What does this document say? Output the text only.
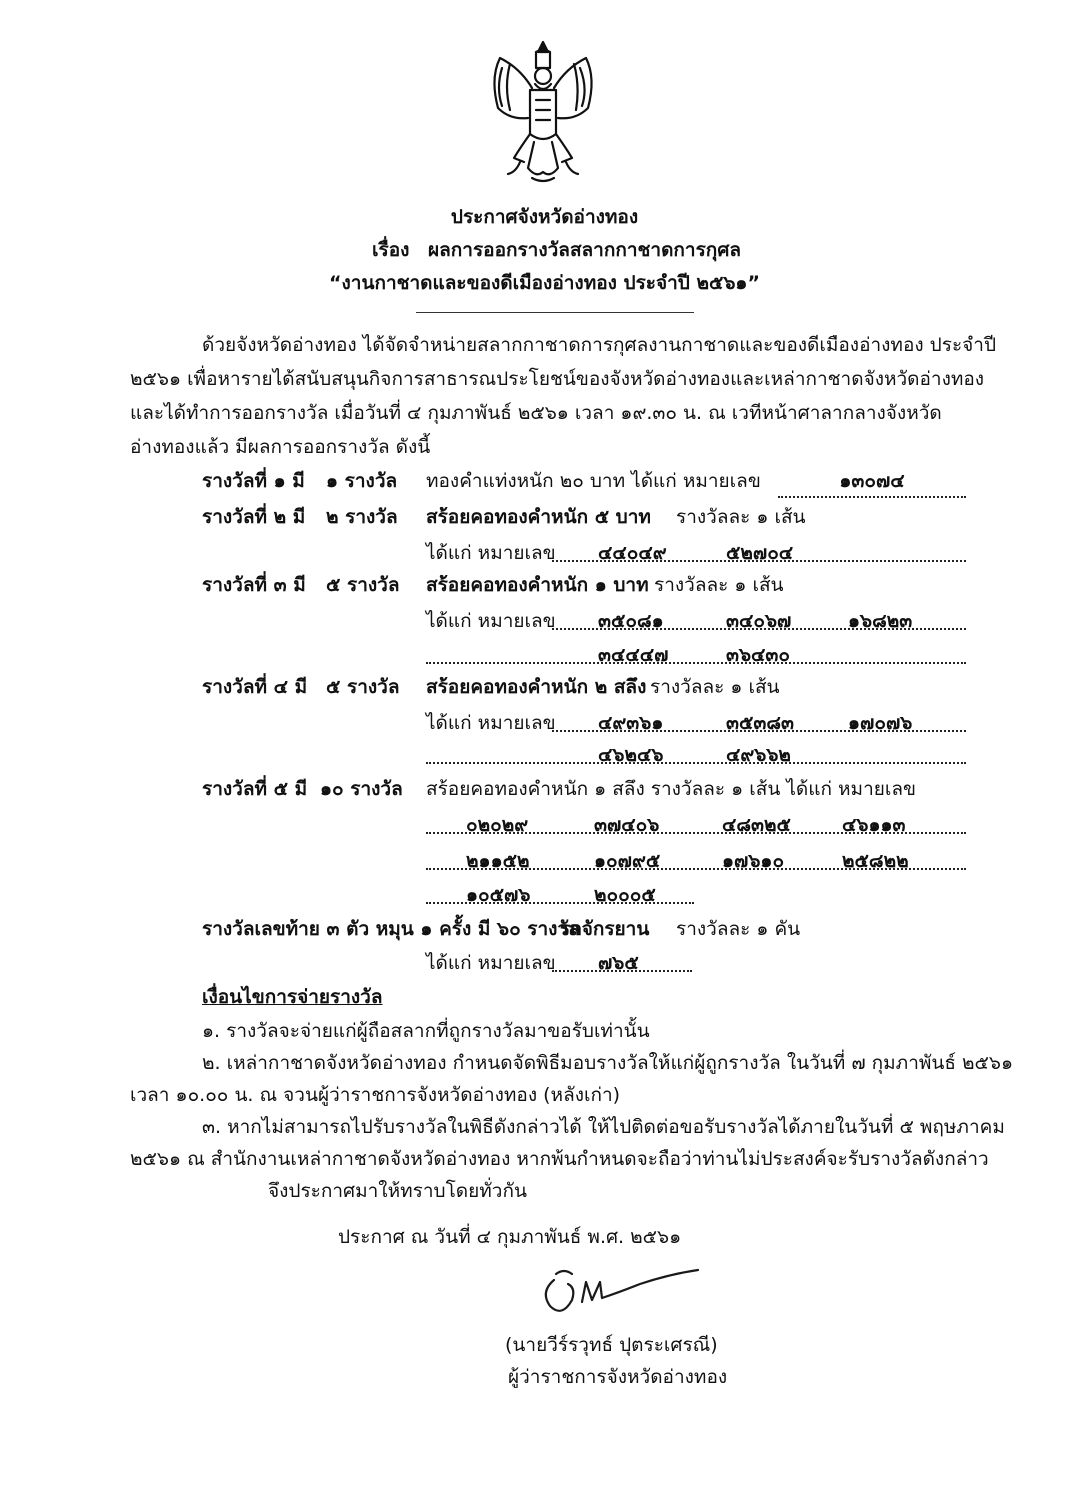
ประกาศจังหวัดอ่างทอง
เรื่อง ผลการออกรางวัลสลากกาชาดการกุศล
“งานกาชาดและของดีเมืองอ่างทอง ประจำปี ๒๕๖๑”
ด้วยจังหวัดอ่างทอง ได้จัดจำหน่ายสลากกาชาดการกุศลงานกาชาดและของดีเมืองอ่างทอง ประจำปี
๒๕๖๑ เพื่อหารายได้สนับสนุนกิจการสาธารณประโยชน์ของจังหวัดอ่างทองและเหล่ากาชาดจังหวัดอ่างทอง
และได้ทำการออกรางวัล เมื่อวันที่ ๔ กุมภาพันธ์ ๒๕๖๑ เวลา ๑๙.๓๐ น. ณ เวทีหน้าศาลากลางจังหวัด
อ่างทองแล้ว มีผลการออกรางวัล ดังนี้
รางวัลที่ ๑ มี ๑ รางวัล ทองคำแท่งหนัก ๒๐ บาท ได้แก่ หมายเลข	๑๓๐๗๔
รางวัลที่ ๒ มี ๒ รางวัล สร้อยคอทองคำหนัก ๕ บาท รางวัลละ ๑ เส้น
ได้แก่ หมายเลข ๔๔๐๔๙	๕๒๗๐๔

รางวัลที่ ๓ มี ๕ รางวัล สร้อยคอทองคำหนัก ๑ บาท รางวัลละ ๑ เส้น
ได้แก่ หมายเลข ๓๕๐๘๑	๓๔๐๖๗	๑๖๘๒๓

๓๔๔๔๗	๓๖๔๓๐

รางวัลที่ ๔ มี ๕ รางวัล สร้อยคอทองคำหนัก ๒ สลึง รางวัลละ ๑ เส้น
ได้แก่ หมายเลข ๔๙๓๖๑	๓๕๓๘๓	๑๗๐๗๖

๔๖๒๔๖	๔๙๖๖๒

รางวัลที่ ๕ มี ๑๐ รางวัล สร้อยคอทองคำหนัก ๑ สลึง รางวัลละ ๑ เส้น ได้แก่ หมายเลข
๐๒๐๒๙	๓๗๔๐๖	๔๘๓๒๕	๔๖๑๑๓

๒๑๑๕๒	๑๐๗๙๕	๑๗๖๑๐	๒๕๘๒๒

๑๐๕๗๖	๒๐๐๐๕

รางวัลเลขท้าย ๓ ตัว หมุน ๑ ครั้ง มี ๖๐ รางวัล
รถจักรยาน รางวัลละ ๑ คัน
ได้แก่ หมายเลข ๗๖๕

เงื่อนไขการจ่ายรางวัล
๑. รางวัลจะจ่ายแก่ผู้ถือสลากที่ถูกรางวัลมาขอรับเท่านั้น
๒. เหล่ากาชาดจังหวัดอ่างทอง กำหนดจัดพิธีมอบรางวัลให้แก่ผู้ถูกรางวัล ในวันที่ ๗ กุมภาพันธ์ ๒๕๖๑
เวลา ๑๐.๐๐ น. ณ จวนผู้ว่าราชการจังหวัดอ่างทอง (หลังเก่า)
๓. หากไม่สามารถไปรับรางวัลในพิธีดังกล่าวได้ ให้ไปติดต่อขอรับรางวัลได้ภายในวันที่ ๕ พฤษภาคม
๒๕๖๑ ณ สำนักงานเหล่ากาชาดจังหวัดอ่างทอง หากพ้นกำหนดจะถือว่าท่านไม่ประสงค์จะรับรางวัลดังกล่าว
จึงประกาศมาให้ทราบโดยทั่วกัน
ประกาศ ณ วันที่ ๔ กุมภาพันธ์ พ.ศ. ๒๕๖๑
(นายวีร์รวุทธ์ ปุตระเศรณี)
ผู้ว่าราชการจังหวัดอ่างทอง
